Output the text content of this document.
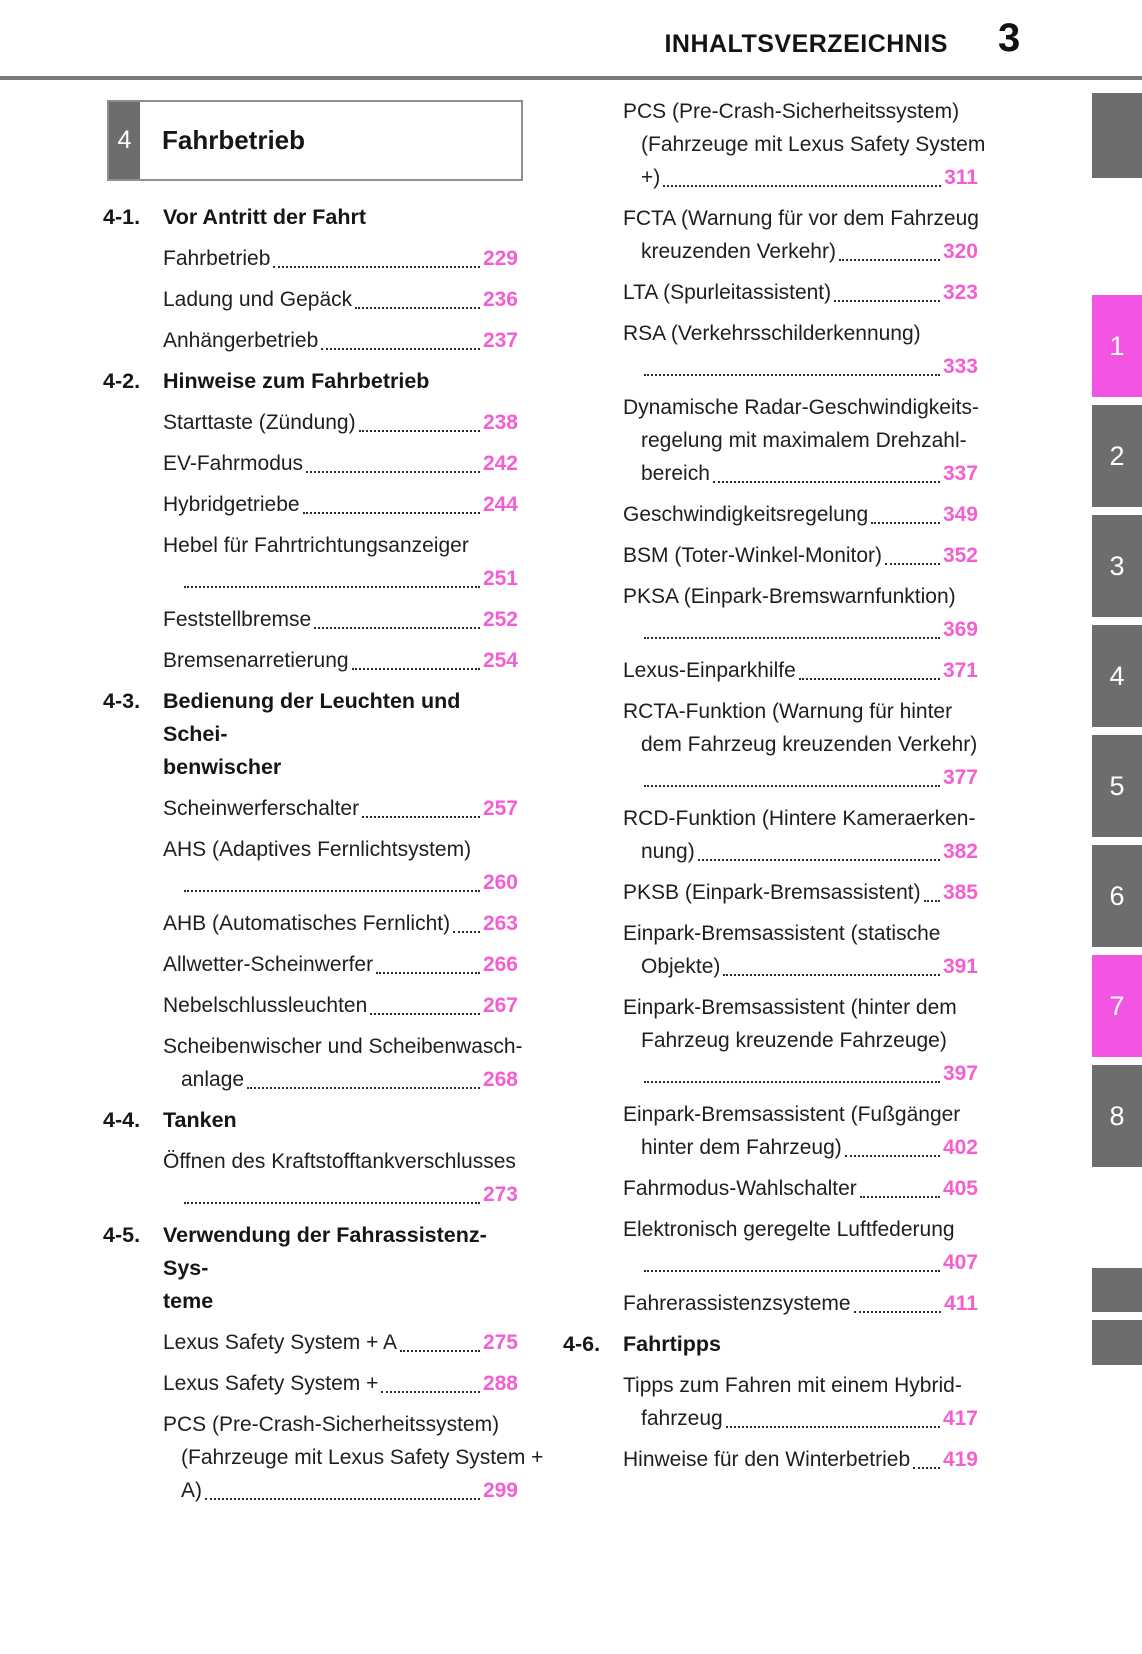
INHALTSVERZEICHNIS 3
4	Fahrbetrieb
4-1.	Vor Antritt der Fahrt
Fahrbetrieb	229
Ladung und Gepäck	236
Anhängerbetrieb	237
4-2.	Hinweise zum Fahrbetrieb
Starttaste (Zündung)	238
EV-Fahrmodus	242
Hybridgetriebe	244
Hebel für Fahrtrichtungsanzeiger
251
Feststellbremse	252
Bremsenarretierung	254
4-3.	Bedienung der Leuchten und Schei-
benwischer
Scheinwerferschalter	257
AHS (Adaptives Fernlichtsystem)
260
AHB (Automatisches Fernlicht) 263
Allwetter-Scheinwerfer	266
Nebelschlussleuchten	267
Scheibenwischer und Scheibenwasch-
anlage	268
4-4.	Tanken
Öffnen des Kraftstofftankverschlusses
273
4-5.	Verwendung der Fahrassistenz-Sys-
teme
Lexus Safety System + A	275
Lexus Safety System +	288
PCS (Pre-Crash-Sicherheitssystem)
(Fahrzeuge mit Lexus Safety System +
A)	299
PCS (Pre-Crash-Sicherheitssystem)
(Fahrzeuge mit Lexus Safety System
+)	311
FCTA (Warnung für vor dem Fahrzeug
kreuzenden Verkehr)	320
LTA (Spurleitassistent)	323
RSA (Verkehrsschilderkennung)
333
Dynamische Radar-Geschwindigkeits-
regelung mit maximalem Drehzahl-
bereich	337
Geschwindigkeitsregelung	349
BSM (Toter-Winkel-Monitor)	352
PKSA (Einpark-Bremswarnfunktion)
369
Lexus-Einparkhilfe	371
RCTA-Funktion (Warnung für hinter
dem Fahrzeug kreuzenden Verkehr)
377
RCD-Funktion (Hintere Kameraerken-
nung)	382
PKSB (Einpark-Bremsassistent) 385
Einpark-Bremsassistent (statische
Objekte)	391
Einpark-Bremsassistent (hinter dem
Fahrzeug kreuzende Fahrzeuge)
397
Einpark-Bremsassistent (Fußgänger
hinter dem Fahrzeug)	402
Fahrmodus-Wahlschalter	405
Elektronisch geregelte Luftfederung
407
Fahrerassistenzsysteme	411
4-6.	Fahrtipps
Tipps zum Fahren mit einem Hybrid-
fahrzeug	417
Hinweise für den Winterbetrieb 419
1
2
3
4
5
6
7
8
